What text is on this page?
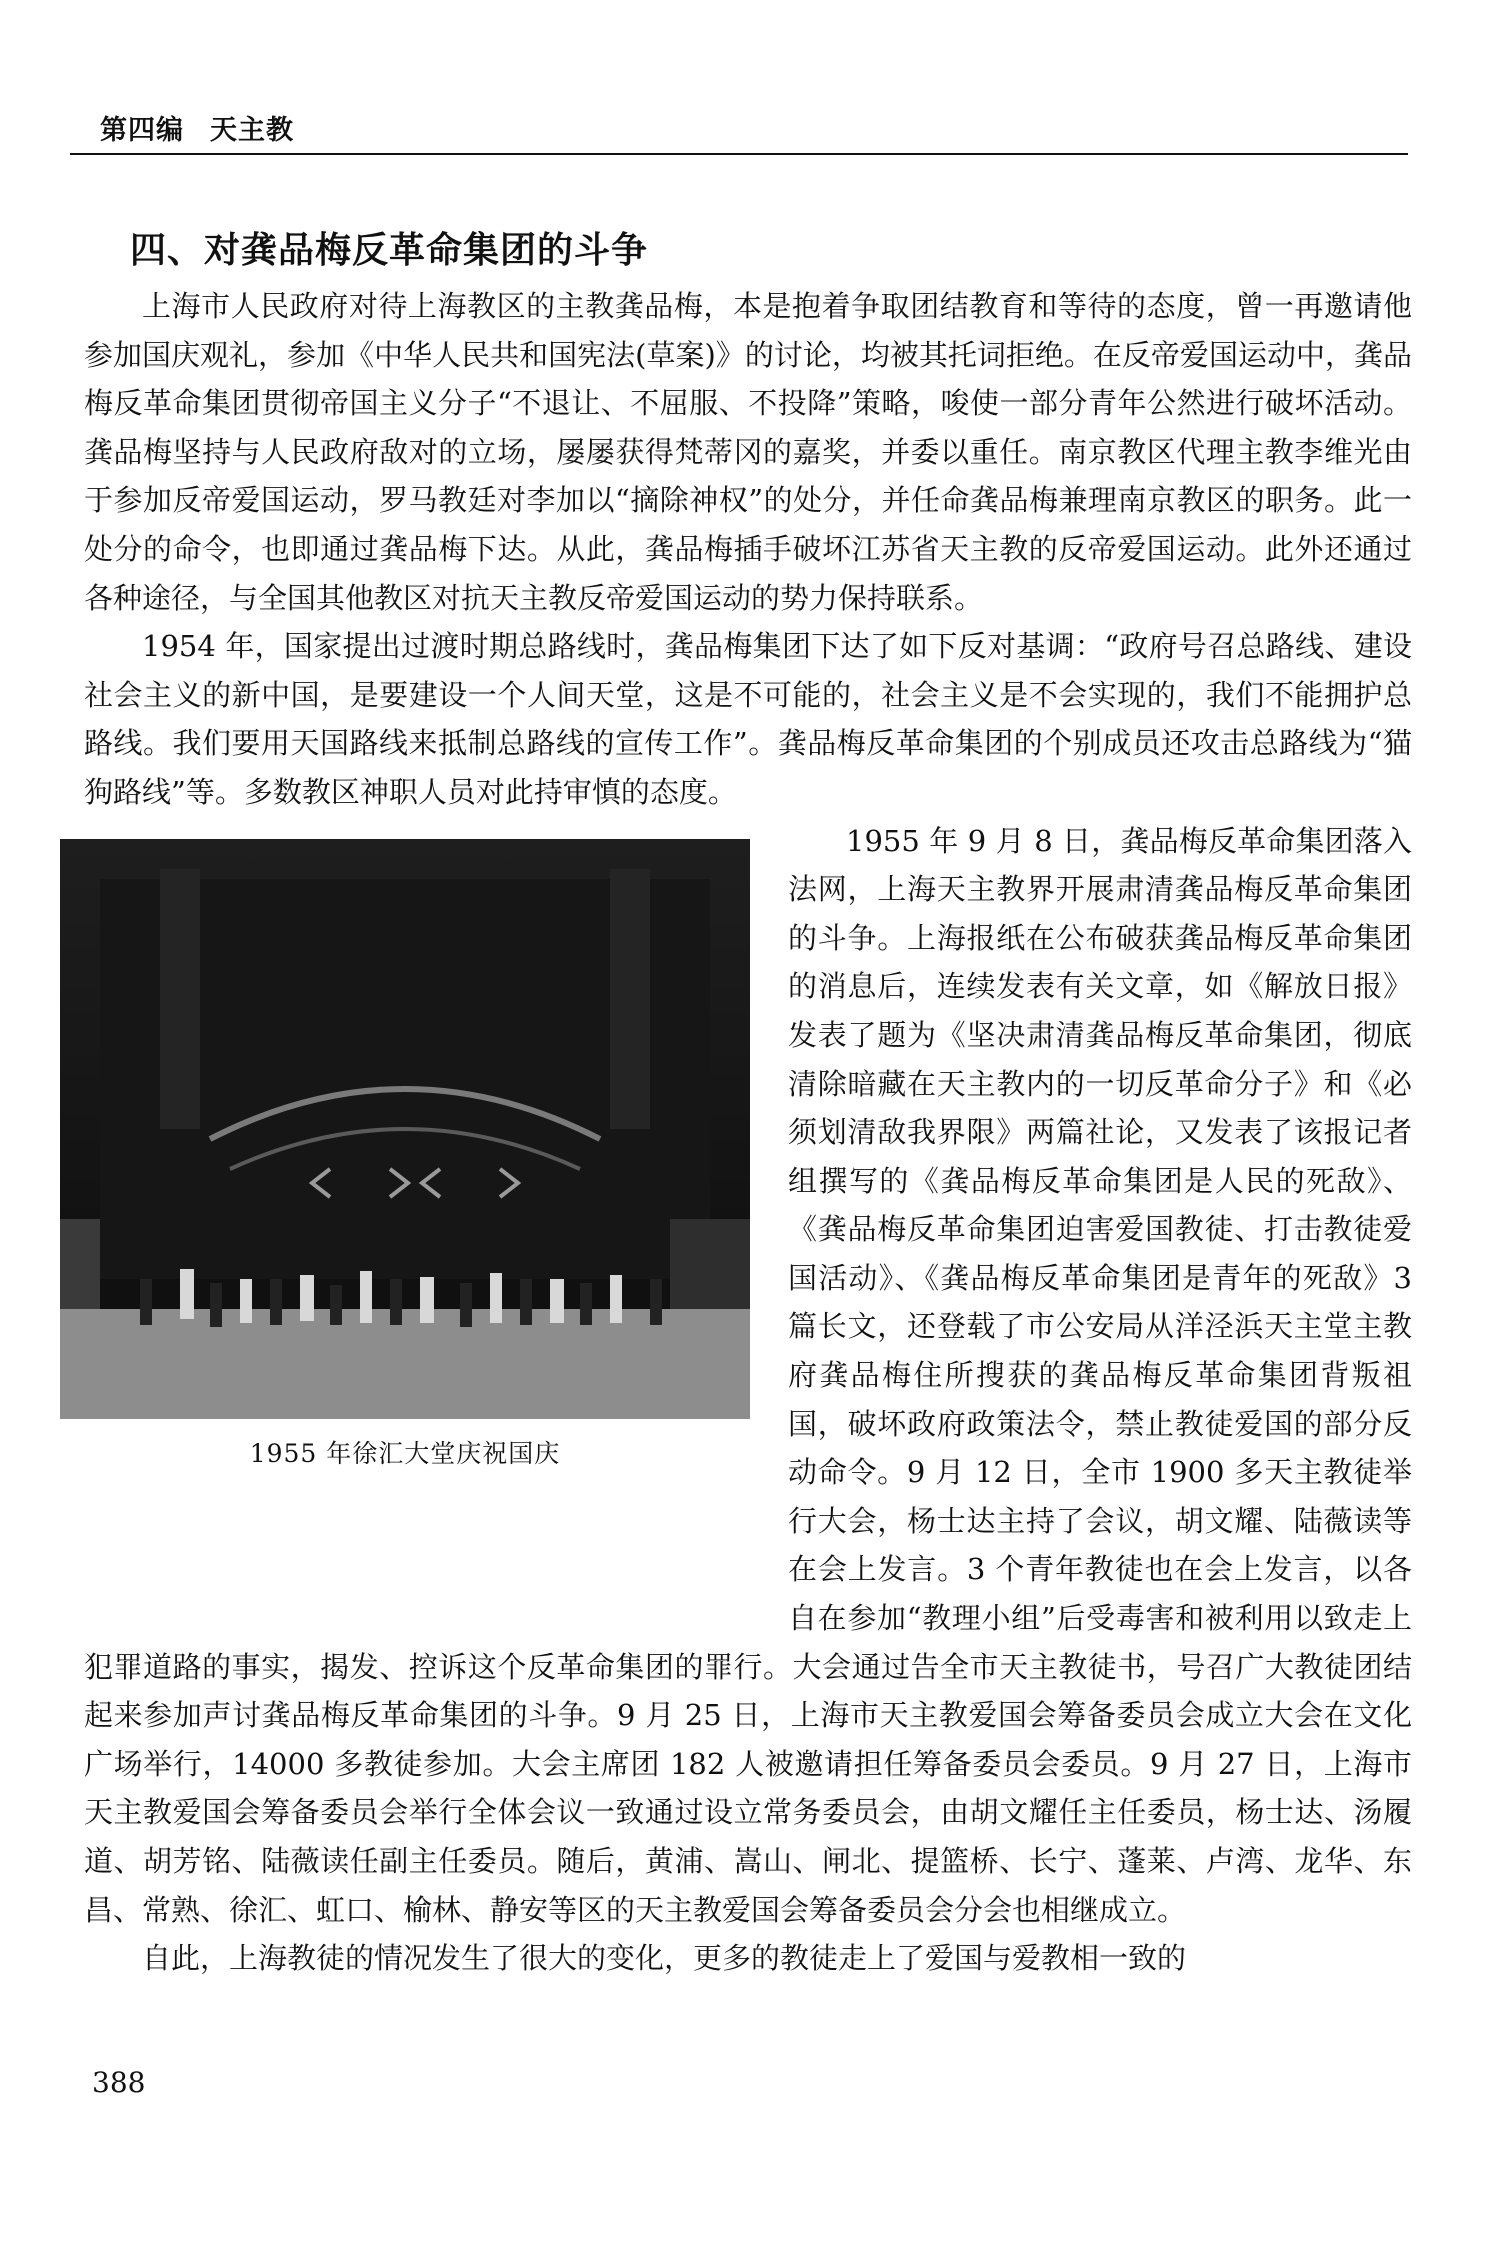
第四编 天主教
四、对龚品梅反革命集团的斗争

上海市人民政府对待上海教区的主教龚品梅，本是抱着争取团结教育和等待的态度，曾一再邀请他参加国庆观礼，参加《中华人民共和国宪法(草案)》的讨论，均被其托词拒绝。在反帝爱国运动中，龚品梅反革命集团贯彻帝国主义分子“不退让、不屈服、不投降”策略，唆使一部分青年公然进行破坏活动。龚品梅坚持与人民政府敌对的立场，屡屡获得梵蒂冈的嘉奖，并委以重任。南京教区代理主教李维光由于参加反帝爱国运动，罗马教廷对李加以“摘除神权”的处分，并任命龚品梅兼理南京教区的职务。此一处分的命令，也即通过龚品梅下达。从此，龚品梅插手破坏江苏省天主教的反帝爱国运动。此外还通过各种途径，与全国其他教区对抗天主教反帝爱国运动的势力保持联系。

1954 年，国家提出过渡时期总路线时，龚品梅集团下达了如下反对基调：“政府号召总路线、建设社会主义的新中国，是要建设一个人间天堂，这是不可能的，社会主义是不会实现的，我们不能拥护总路线。我们要用天国路线来抵制总路线的宣传工作”。龚品梅反革命集团的个别成员还攻击总路线为“猫狗路线”等。多数教区神职人员对此持审慎的态度。

1955 年 9 月 8 日，龚品梅反革命集团落入法网，上海天主教界开展肃清龚品梅反革命集团的斗争。上海报纸在公布破获龚品梅反革命集团的消息后，连续发表有关文章，如《解放日报》发表了题为《坚决肃清龚品梅反革命集团，彻底清除暗藏在天主教内的一切反革命分子》和《必须划清敌我界限》两篇社论，又发表了该报记者组撰写的《龚品梅反革命集团是人民的死敌》、《龚品梅反革命集团迫害爱国教徒、打击教徒爱国活动》、《龚品梅反革命集团是青年的死敌》3 篇长文，还登载了市公安局从洋泾浜天主堂主教府龚品梅住所搜获的龚品梅反革命集团背叛祖国，破坏政府政策法令，禁止教徒爱国的部分反动命令。9 月 12 日，全市 1900 多天主教徒举行大会，杨士达主持了会议，胡文耀、陆薇读等在会上发言。3 个青年教徒也在会上发言，以各自在参加“教理小组”后受毒害和被利用以致走上犯罪道路的事实，揭发、控诉这个反革命集团的罪行。大会通过告全市天主教徒书，号召广大教徒团结起来参加声讨龚品梅反革命集团的斗争。9 月 25 日，上海市天主教爱国会筹备委员会成立大会在文化广场举行，14000 多教徒参加。大会主席团 182 人被邀请担任筹备委员会委员。9 月 27 日，上海市天主教爱国会筹备委员会举行全体会议一致通过设立常务委员会，由胡文耀任主任委员，杨士达、汤履道、胡芳铭、陆薇读任副主任委员。随后，黄浦、嵩山、闸北、提篮桥、长宁、蓬莱、卢湾、龙华、东昌、常熟、徐汇、虹口、榆林、静安等区的天主教爱国会筹备委员会分会也相继成立。

自此，上海教徒的情况发生了很大的变化，更多的教徒走上了爱国与爱教相一致的

1955 年徐汇大堂庆祝国庆
388
